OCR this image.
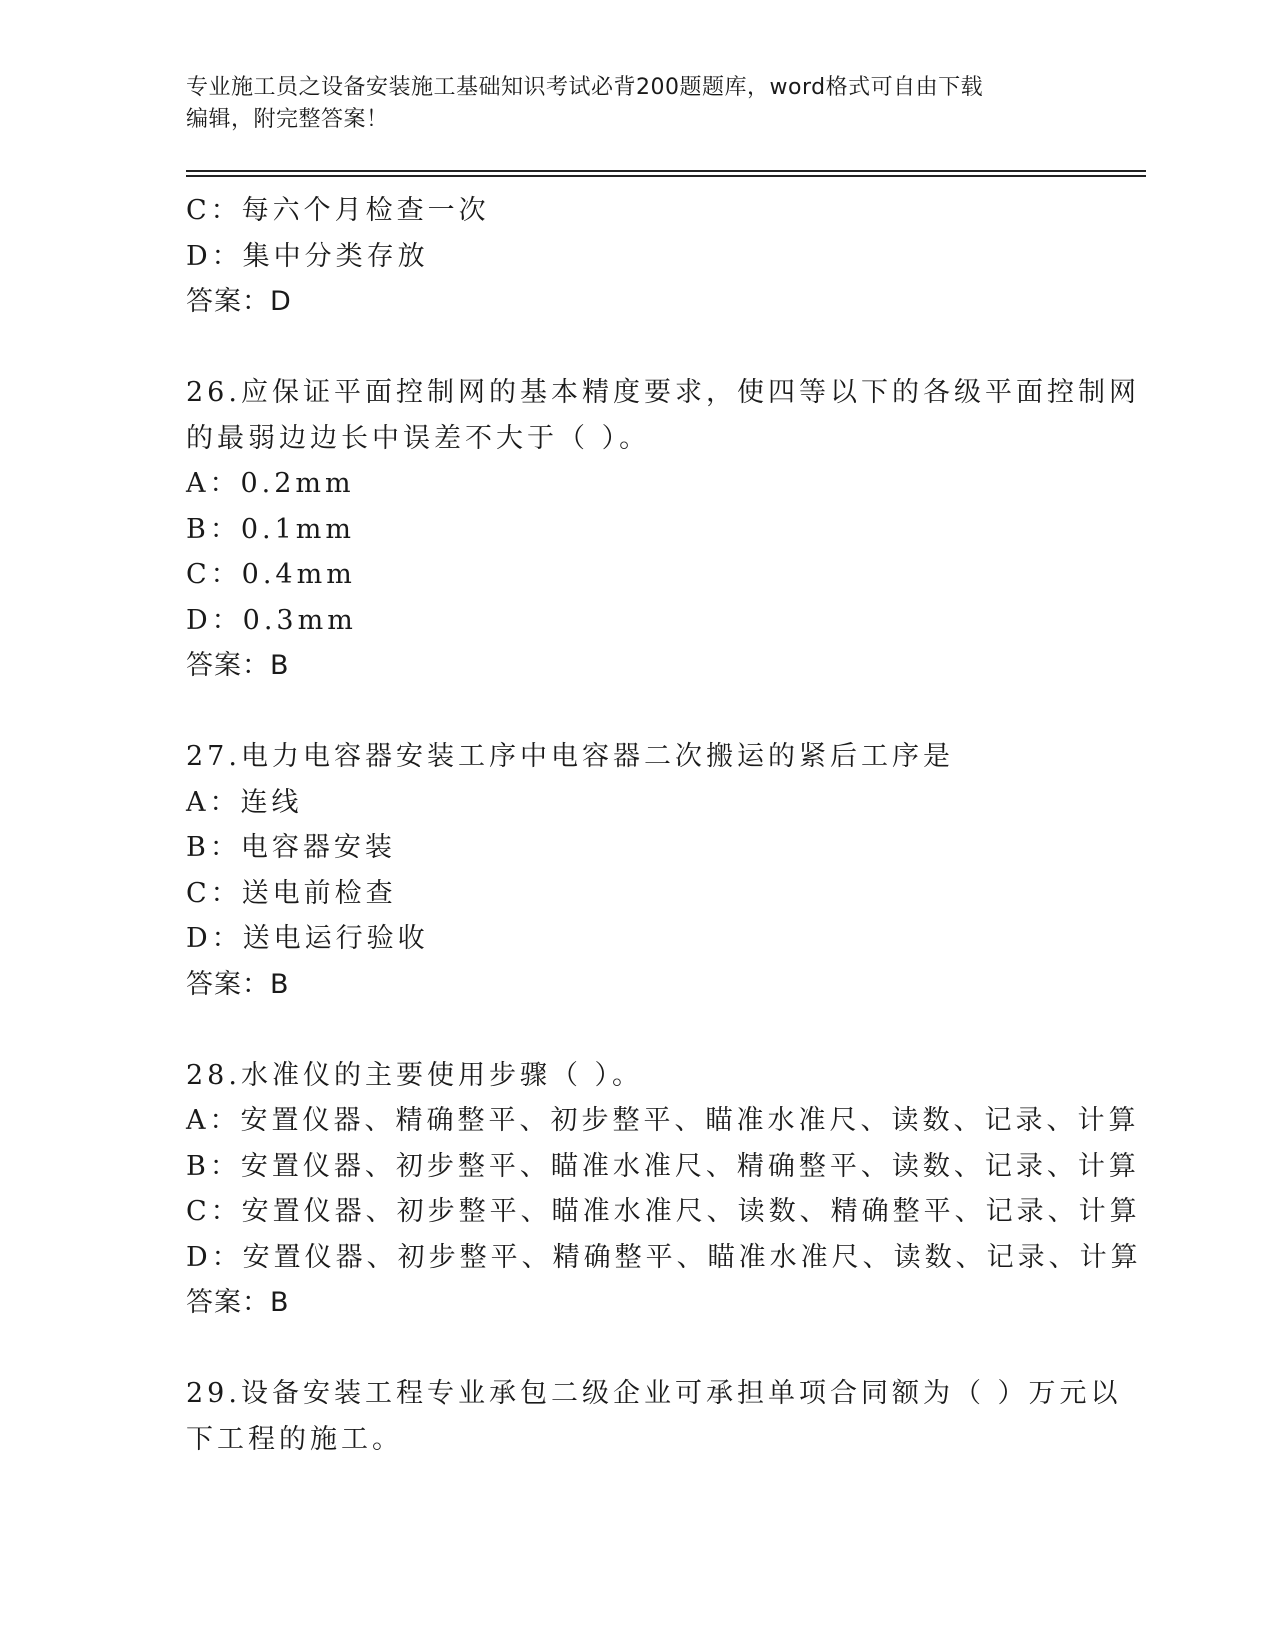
专业施工员之设备安装施工基础知识考试必背200题题库，word格式可自由下载
编辑，附完整答案！
C：每六个月检查一次
D：集中分类存放
答案：D
26.应保证平面控制网的基本精度要求，使四等以下的各级平面控制网
的最弱边边长中误差不大于（ ）。
A：0.2mm
B：0.1mm
C：0.4mm
D：0.3mm
答案：B
27.电力电容器安装工序中电容器二次搬运的紧后工序是
A：连线
B：电容器安装
C：送电前检查
D：送电运行验收
答案：B
28.水准仪的主要使用步骤（ ）。
A：安置仪器、精确整平、初步整平、瞄准水准尺、读数、记录、计算
B：安置仪器、初步整平、瞄准水准尺、精确整平、读数、记录、计算
C：安置仪器、初步整平、瞄准水准尺、读数、精确整平、记录、计算
D：安置仪器、初步整平、精确整平、瞄准水准尺、读数、记录、计算
答案：B
29.设备安装工程专业承包二级企业可承担单项合同额为（ ）万元以
下工程的施工。
